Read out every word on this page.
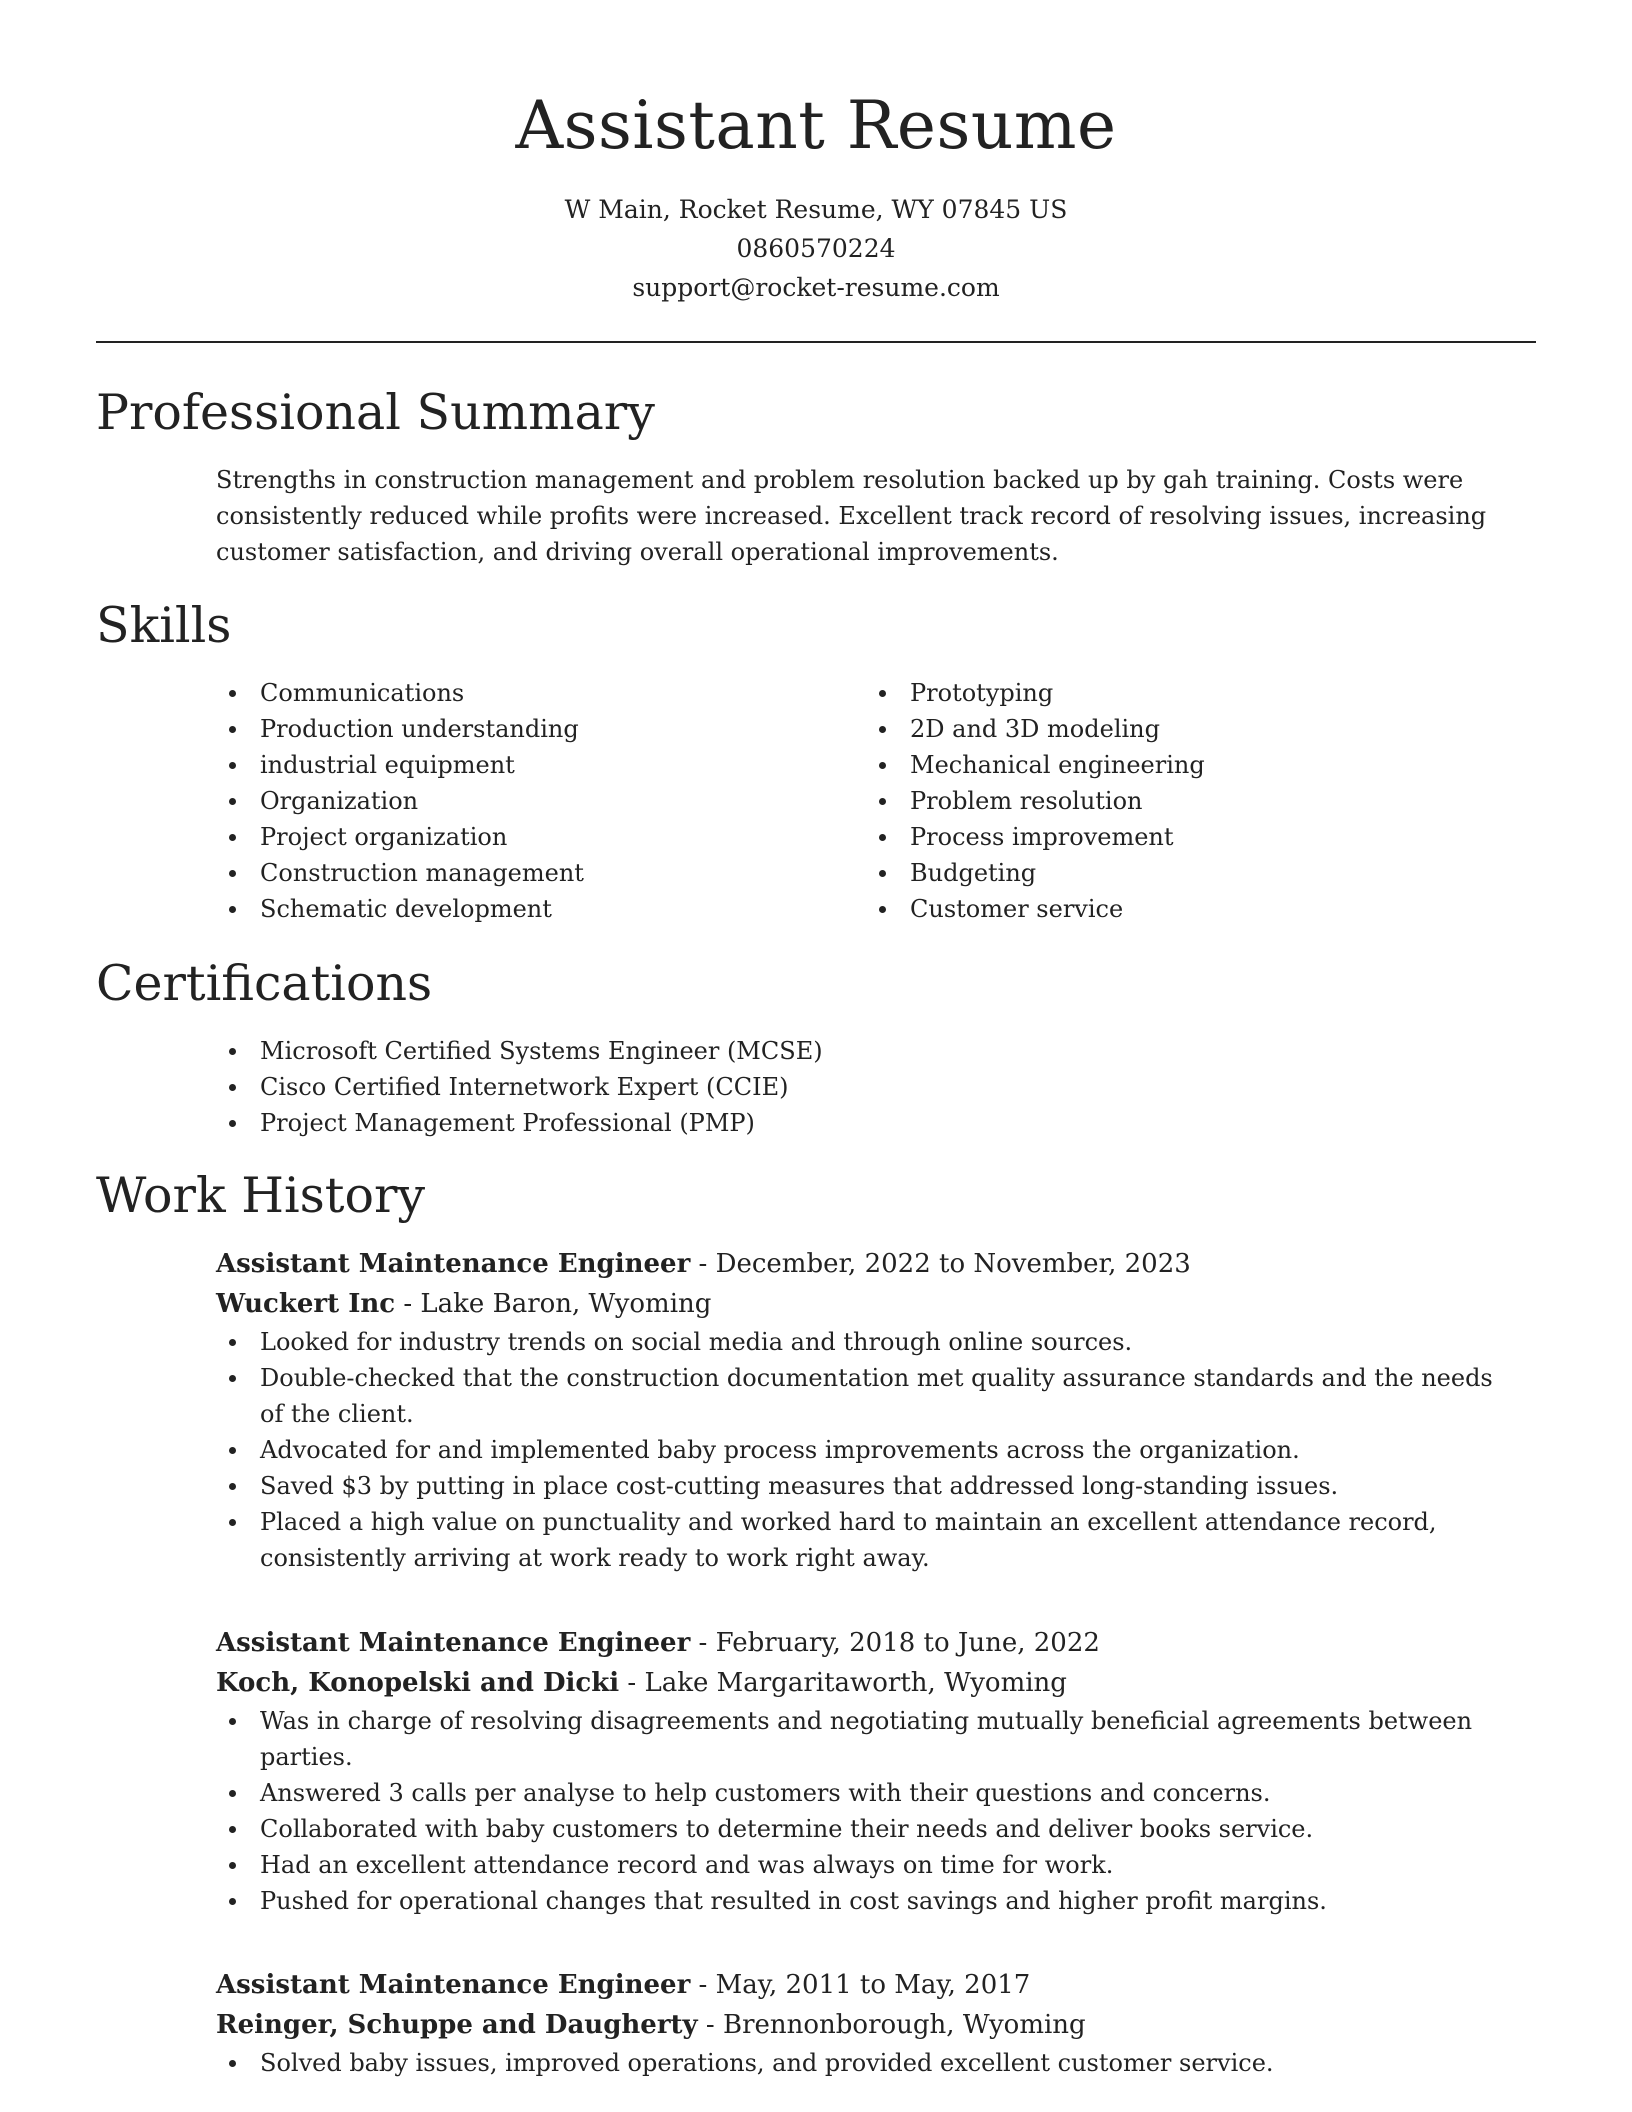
Assistant Resume
W Main, Rocket Resume, WY 07845 US
0860570224
support@rocket-resume.com
Professional Summary

Strengths in construction management and problem resolution backed up by gah training. Costs were consistently reduced while profits were increased. Excellent track record of resolving issues, increasing customer satisfaction, and driving overall operational improvements.

Skills
Communications
Production understanding
industrial equipment
Organization
Project organization
Construction management
Schematic development
Prototyping
2D and 3D modeling
Mechanical engineering
Problem resolution
Process improvement
Budgeting
Customer service
Certifications
Microsoft Certified Systems Engineer (MCSE)
Cisco Certified Internetwork Expert (CCIE)
Project Management Professional (PMP)
Work History
Assistant Maintenance Engineer - December, 2022 to November, 2023
Wuckert Inc - Lake Baron, Wyoming
Looked for industry trends on social media and through online sources.
Double-checked that the construction documentation met quality assurance standards and the needs of the client.
Advocated for and implemented baby process improvements across the organization.
Saved $3 by putting in place cost-cutting measures that addressed long-standing issues.
Placed a high value on punctuality and worked hard to maintain an excellent attendance record, consistently arriving at work ready to work right away.
Assistant Maintenance Engineer - February, 2018 to June, 2022
Koch, Konopelski and Dicki - Lake Margaritaworth, Wyoming
Was in charge of resolving disagreements and negotiating mutually beneficial agreements between parties.
Answered 3 calls per analyse to help customers with their questions and concerns.
Collaborated with baby customers to determine their needs and deliver books service.
Had an excellent attendance record and was always on time for work.
Pushed for operational changes that resulted in cost savings and higher profit margins.
Assistant Maintenance Engineer - May, 2011 to May, 2017
Reinger, Schuppe and Daugherty - Brennonborough, Wyoming
Solved baby issues, improved operations, and provided excellent customer service.
